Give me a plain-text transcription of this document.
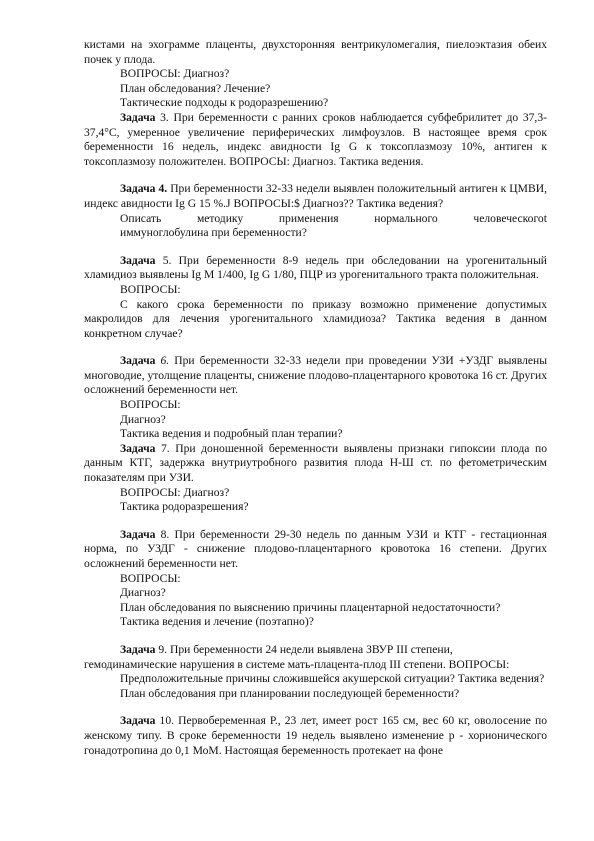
кистами на эхограмме плаценты, двухсторонняя вентрикуломегалия, пиелоэктазия обеих почек у плода.

ВОПРОСЫ: Диагноз?

План обследования? Лечение?

Тактические подходы к родоразрешению?

Задача 3. При беременности с ранних сроков наблюдается субфебрилитет до 37,3-37,4°С, умеренное увеличение периферических лимфоузлов. В настоящее время срок беременности 16 недель, индекс авидности Ig G к токсоплазмозу 10%, антиген к токсоплазмозу положителен. ВОПРОСЫ: Диагноз. Тактика ведения.

Задача 4. При беременности 32-33 недели выявлен положительный антиген к ЦМВИ, индекс авидности Ig G 15 %.J ВОПРОСЫ:$ Диагноз?? Тактика ведения?

Описать	методику	применения	нормального	человеческогоt

иммуноглобулина при беременности?

Задача 5. При беременности 8-9 недель при обследовании на урогенитальный хламидиоз выявлены Ig M 1/400, Ig G 1/80, ПЦР из урогенитального тракта положительная.

ВОПРОСЫ:

С какого срока беременности по приказу возможно применение допустимых макролидов для лечения урогенитального хламидиоза? Тактика ведения в данном конкретном случае?

Задача 6. При беременности 32-33 недели при проведении УЗИ +УЗДГ выявлены многоводие, утолщение плаценты, снижение плодово-плацентарного кровотока 16 ст. Других осложнений беременности нет.

ВОПРОСЫ:

Диагноз?

Тактика ведения и подробный план терапии?

Задача 7. При доношенной беременности выявлены признаки гипоксии плода по данным КТГ, задержка внутриутробного развития плода Н-Ш ст. по фетометрическим показателям при УЗИ.

ВОПРОСЫ: Диагноз?

Тактика родоразрешения?

Задача 8. При беременности 29-30 недель по данным УЗИ и КТГ - гестационная норма, по УЗДГ - снижение плодово-плацентарного кровотока 16 степени. Других осложнений беременности нет.

ВОПРОСЫ:

Диагноз?

План обследования по выяснению причины плацентарной недостаточности?

Тактика ведения и лечение (поэтапно)?

Задача 9. При беременности 24 недели выявлена ЗВУР III степени, гемодинамические нарушения в системе мать-плацента-плод III степени. ВОПРОСЫ:

Предположительные причины сложившейся акушерской ситуации? Тактика ведения?

План обследования при планировании последующей беременности?

Задача 10. Первобеременная Р., 23 лет, имеет рост 165 см, вес 60 кг, оволосение по женскому типу. В сроке беременности 19 недель выявлено изменение р - хорионического гонадотропина до 0,1 МоМ. Настоящая беременность протекает на фоне
